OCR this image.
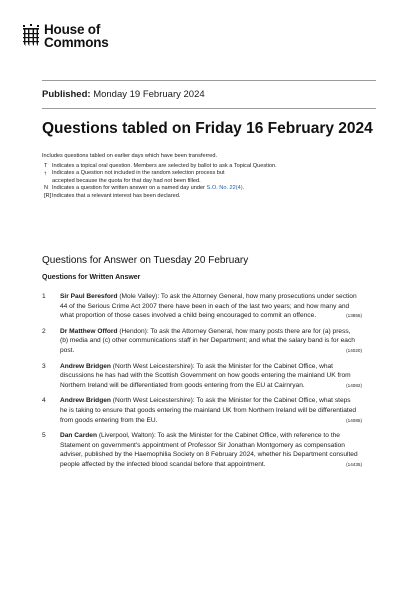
House of
Commons
Published: Monday 19 February 2024
Questions tabled on Friday 16 February 2024
Includes questions tabled on earlier days which have been transferred.
T Indicates a topical oral question. Members are selected by ballot to ask a Topical Question.
† Indicates a Question not included in the random selection process but
accepted because the quota for that day had not been filled.
N Indicates a question for written answer on a named day under S.O. No. 22(4).
[R] Indicates that a relevant interest has been declared.
Questions for Answer on Tuesday 20 February
Questions for Written Answer
1	Sir Paul Beresford (Mole Valley): To ask the Attorney General, how many prosecutions under section 44 of the Serious Crime Act 2007 there have been in each of the last two years; and how many and what proportion of those cases involved a child being encouraged to commit an offence.	(13855)
2	Dr Matthew Offord (Hendon): To ask the Attorney General, how many posts there are for (a) press, (b) media and (c) other communications staff in her Department; and what the salary band is for each post.	(14020)
3	Andrew Bridgen (North West Leicestershire): To ask the Minister for the Cabinet Office, what discussions he has had with the Scottish Government on how goods entering the mainland UK from Northern Ireland will be differentiated from goods entering from the EU at Cairnryan.	(14082)
4	Andrew Bridgen (North West Leicestershire): To ask the Minister for the Cabinet Office, what steps he is taking to ensure that goods entering the mainland UK from Northern Ireland will be differentiated from goods entering from the EU.	(14085)
5	Dan Carden (Liverpool, Walton): To ask the Minister for the Cabinet Office, with reference to the Statement on government's appointment of Professor Sir Jonathan Montgomery as compensation adviser, published by the Haemophilia Society on 8 February 2024, whether his Department consulted people affected by the infected blood scandal before that appointment.	(14435)
